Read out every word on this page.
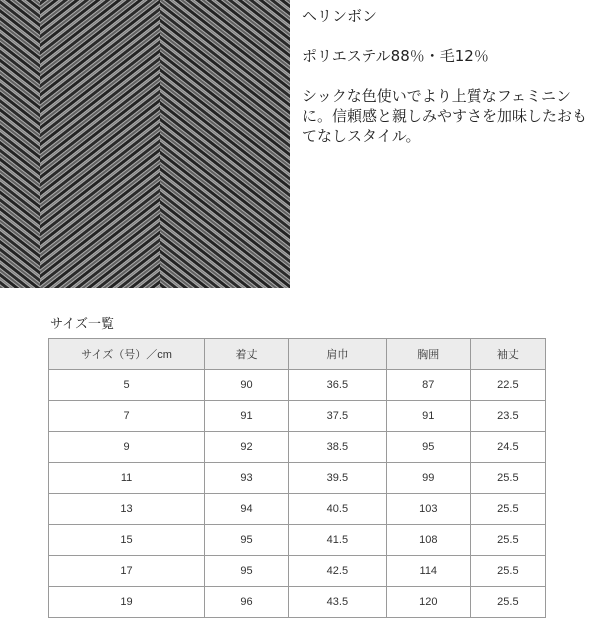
ヘリンボン

ポリエステル88％・毛12％

シックな色使いでより上質なフェミニンに。信頼感と親しみやすさを加味したおもてなしスタイル。

サイズ一覧
サイズ（号）／cm	着丈	肩巾	胸囲	袖丈
5	90	36.5	87	22.5
7	91	37.5	91	23.5
9	92	38.5	95	24.5
11	93	39.5	99	25.5
13	94	40.5	103	25.5
15	95	41.5	108	25.5
17	95	42.5	114	25.5
19	96	43.5	120	25.5
